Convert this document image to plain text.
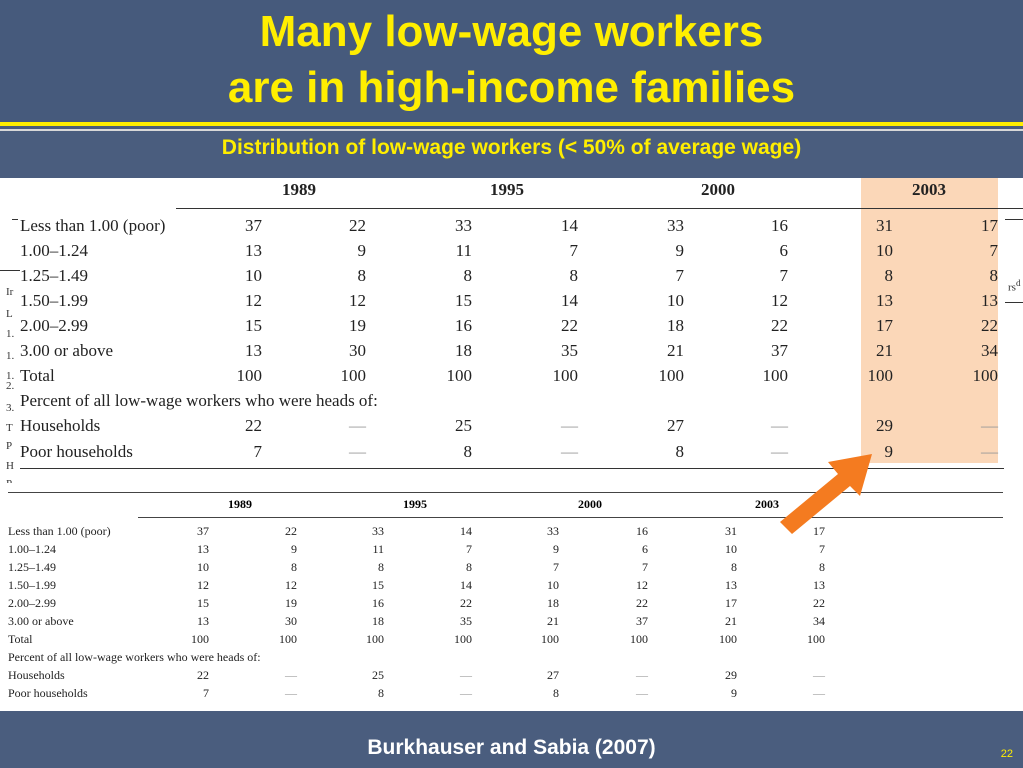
Many low-wage workers
are in high-income families
Distribution of low-wage workers (< 50% of average wage)
1989	1995	2000	2003
Less than 1.00 (poor)	37	22	33	14	33	16	31	17
1.00–1.24	13	9	11	7	9	6	10	7
1.25–1.49	10	8	8	8	7	7	8	8
1.50–1.99	12	12	15	14	10	12	13	13
2.00–2.99	15	19	16	22	18	22	17	22
3.00 or above	13	30	18	35	21	37	21	34
Total	100	100	100	100	100	100	100	100
Percent of all low-wage workers who were heads of:
Households	22	—	25	—	27	—	29	—
Poor households	7	—	8	—	8	—	9	—
Ir
L
1.
1.
1.
2.
3.
T
P
H
$rs^d$
1989	1995	2000	2003
Less than 1.00 (poor)	37	22	33	14	33	16	31	17
1.00–1.24	13	9	11	7	9	6	10	7
1.25–1.49	10	8	8	8	7	7	8	8
1.50–1.99	12	12	15	14	10	12	13	13
2.00–2.99	15	19	16	22	18	22	17	22
3.00 or above	13	30	18	35	21	37	21	34
Total	100	100	100	100	100	100	100	100
Percent of all low-wage workers who were heads of:
Households	22	—	25	—	27	—	29	—
Poor households	7	—	8	—	8	—	9	—
Burkhauser and Sabia (2007)	22
